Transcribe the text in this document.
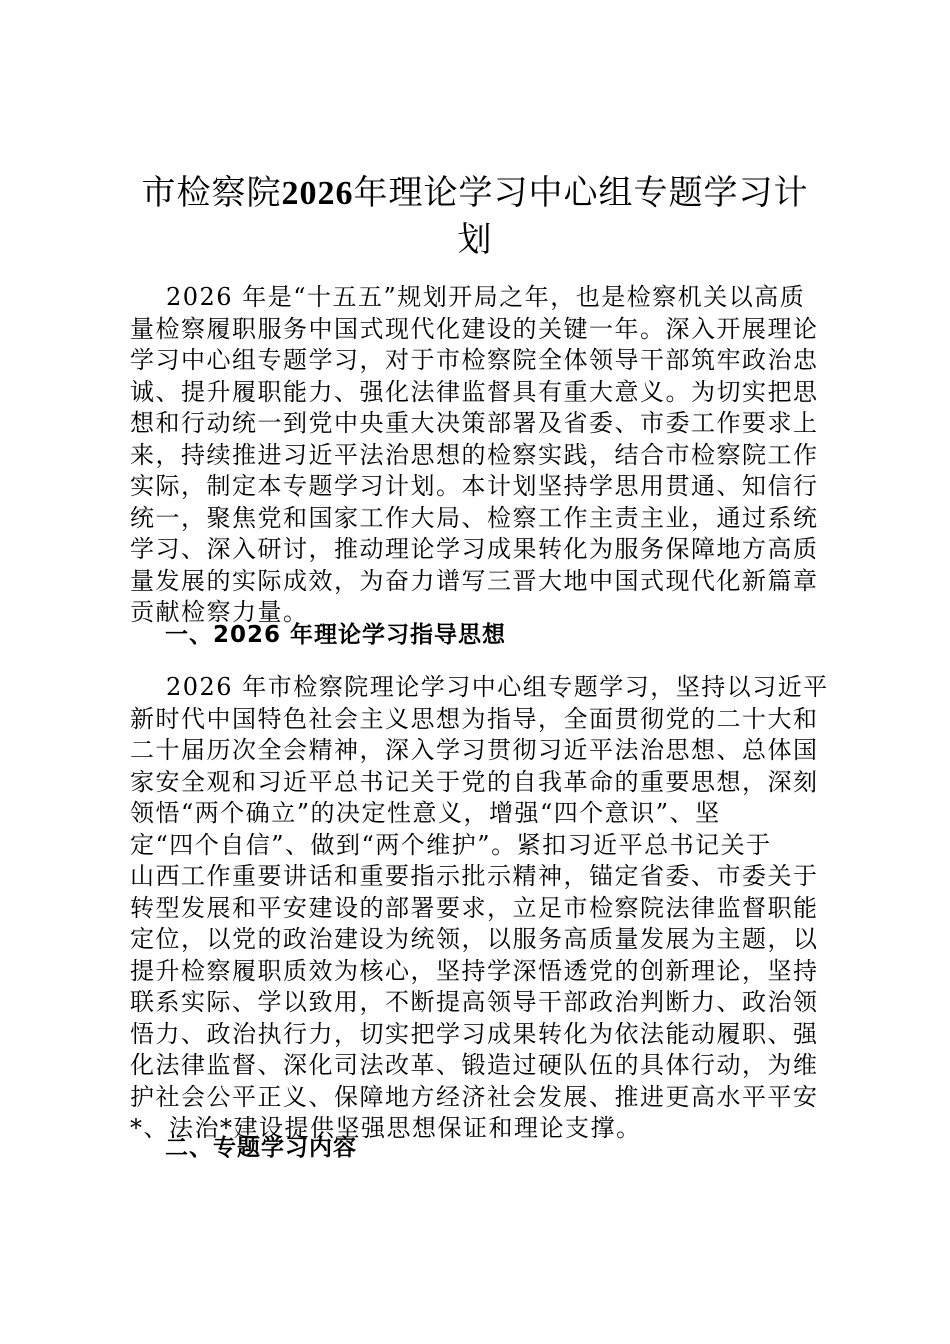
市检察院2026年理论学习中心组专题学习计
划
2026 年是“十五五”规划开局之年，也是检察机关以高质
量检察履职服务中国式现代化建设的关键一年。深入开展理论
学习中心组专题学习，对于市检察院全体领导干部筑牢政治忠
诚、提升履职能力、强化法律监督具有重大意义。为切实把思
想和行动统一到党中央重大决策部署及省委、市委工作要求上
来，持续推进习近平法治思想的检察实践，结合市检察院工作
实际，制定本专题学习计划。本计划坚持学思用贯通、知信行
统一，聚焦党和国家工作大局、检察工作主责主业，通过系统
学习、深入研讨，推动理论学习成果转化为服务保障地方高质
量发展的实际成效，为奋力谱写三晋大地中国式现代化新篇章
贡献检察力量。
一、2026 年理论学习指导思想
2026 年市检察院理论学习中心组专题学习，坚持以习近平
新时代中国特色社会主义思想为指导，全面贯彻党的二十大和
二十届历次全会精神，深入学习贯彻习近平法治思想、总体国
家安全观和习近平总书记关于党的自我革命的重要思想，深刻
领悟“两个确立”的决定性意义，增强“四个意识”、坚
定“四个自信”、做到“两个维护”。紧扣习近平总书记关于
山西工作重要讲话和重要指示批示精神，锚定省委、市委关于
转型发展和平安建设的部署要求，立足市检察院法律监督职能
定位，以党的政治建设为统领，以服务高质量发展为主题，以
提升检察履职质效为核心，坚持学深悟透党的创新理论，坚持
联系实际、学以致用，不断提高领导干部政治判断力、政治领
悟力、政治执行力，切实把学习成果转化为依法能动履职、强
化法律监督、深化司法改革、锻造过硬队伍的具体行动，为维
护社会公平正义、保障地方经济社会发展、推进更高水平平安
*、法治*建设提供坚强思想保证和理论支撑。
二、专题学习内容
